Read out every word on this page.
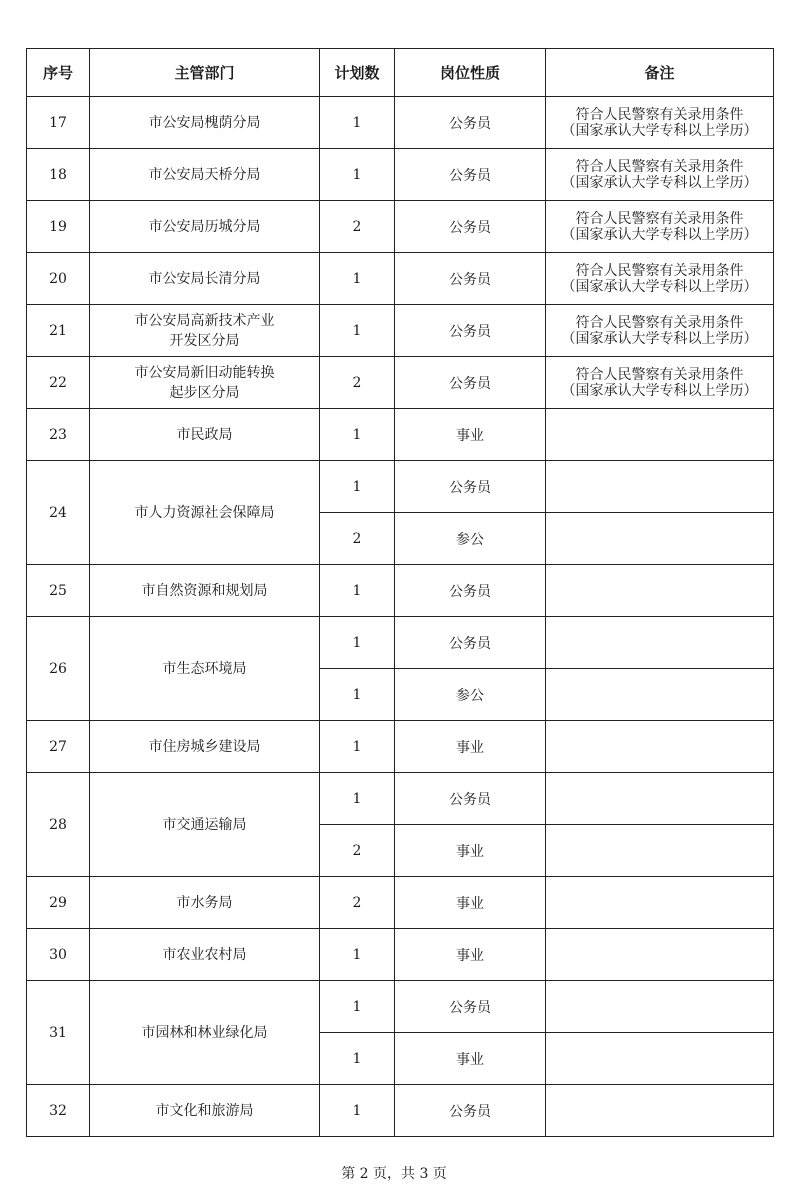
序号	主管部门	计划数	岗位性质	备注
17	市公安局槐荫分局	1	公务员	符合人民警察有关录用条件
（国家承认大学专科以上学历）

18	市公安局天桥分局	1	公务员	符合人民警察有关录用条件
（国家承认大学专科以上学历）

19	市公安局历城分局	2	公务员	符合人民警察有关录用条件
（国家承认大学专科以上学历）

20	市公安局长清分局	1	公务员	符合人民警察有关录用条件
（国家承认大学专科以上学历）

21	市公安局高新技术产业
开发区分局	1	公务员	符合人民警察有关录用条件
（国家承认大学专科以上学历）

22	市公安局新旧动能转换
起步区分局	2	公务员	符合人民警察有关录用条件
（国家承认大学专科以上学历）

23	市民政局	1	事业	
24	市人力资源社会保障局	1	公务员	
		2	参公	
25	市自然资源和规划局	1	公务员	
26	市生态环境局	1	公务员	
		1	参公	
27	市住房城乡建设局	1	事业	
28	市交通运输局	1	公务员	
		2	事业	
29	市水务局	2	事业	
30	市农业农村局	1	事业	
31	市园林和林业绿化局	1	公务员	
		1	事业	
32	市文化和旅游局	1	公务员	
第 2 页，共 3 页
